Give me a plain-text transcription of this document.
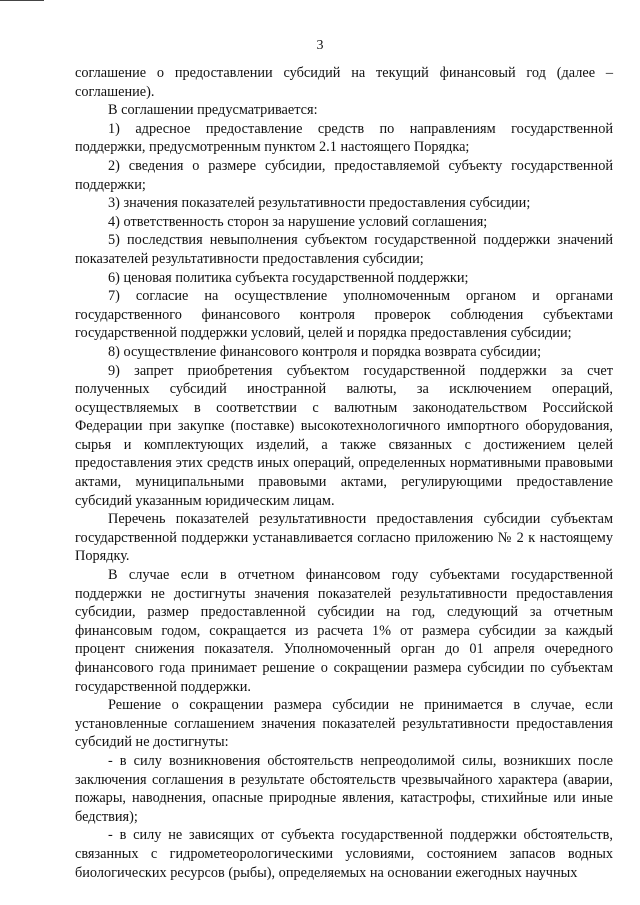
3

соглашение о предоставлении субсидий на текущий финансовый год (далее – соглашение).

В соглашении предусматривается:

1) адресное предоставление средств по направлениям государственной поддержки, предусмотренным пунктом 2.1 настоящего Порядка;

2) сведения о размере субсидии, предоставляемой субъекту государственной поддержки;

3) значения показателей результативности предоставления субсидии;

4) ответственность сторон за нарушение условий соглашения;

5) последствия невыполнения субъектом государственной поддержки значений показателей результативности предоставления субсидии;

6) ценовая политика субъекта государственной поддержки;

7) согласие на осуществление уполномоченным органом и органами государственного финансового контроля проверок соблюдения субъектами государственной поддержки условий, целей и порядка предоставления субсидии;

8) осуществление финансового контроля и порядка возврата субсидии;

9) запрет приобретения субъектом государственной поддержки за счет полученных субсидий иностранной валюты, за исключением операций, осуществляемых в соответствии с валютным законодательством Российской Федерации при закупке (поставке) высокотехнологичного импортного оборудования, сырья и комплектующих изделий, а также связанных с достижением целей предоставления этих средств иных операций, определенных нормативными правовыми актами, муниципальными правовыми актами, регулирующими предоставление субсидий указанным юридическим лицам.

Перечень показателей результативности предоставления субсидии субъектам государственной поддержки устанавливается согласно приложению № 2 к настоящему Порядку.

В случае если в отчетном финансовом году субъектами государственной поддержки не достигнуты значения показателей результативности предоставления субсидии, размер предоставленной субсидии на год, следующий за отчетным финансовым годом, сокращается из расчета 1% от размера субсидии за каждый процент снижения показателя. Уполномоченный орган до 01 апреля очередного финансового года принимает решение о сокращении размера субсидии по субъектам государственной поддержки.

Решение о сокращении размера субсидии не принимается в случае, если установленные соглашением значения показателей результативности предоставления субсидий не достигнуты:

- в силу возникновения обстоятельств непреодолимой силы, возникших после заключения соглашения в результате обстоятельств чрезвычайного характера (аварии, пожары, наводнения, опасные природные явления, катастрофы, стихийные или иные бедствия);

- в силу не зависящих от субъекта государственной поддержки обстоятельств, связанных с гидрометеорологическими условиями, состоянием запасов водных биологических ресурсов (рыбы), определяемых на основании ежегодных научных
